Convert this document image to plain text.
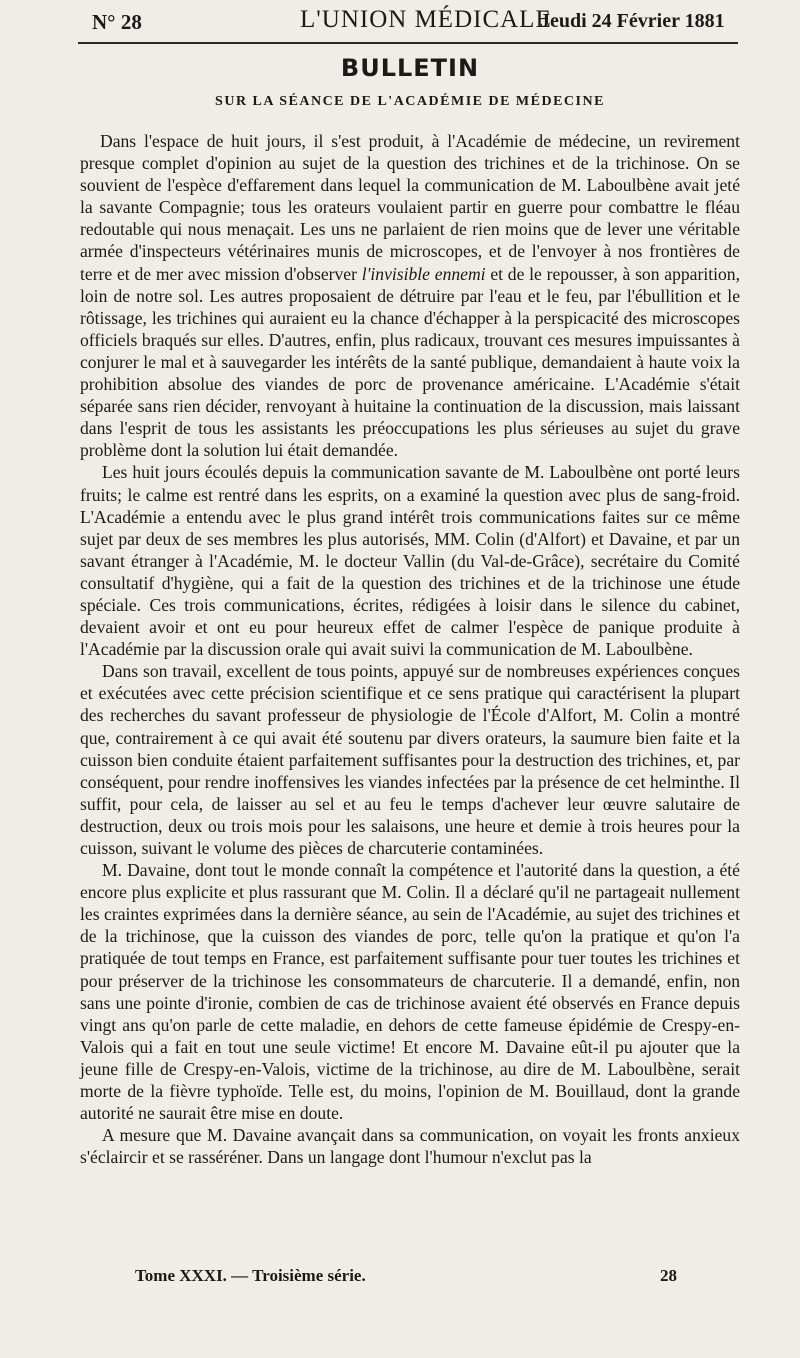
N° 28	L'UNION MÉDICALE
Jeudi 24 Février 1881
BULLETIN
SUR LA SÉANCE DE L'ACADÉMIE DE MÉDECINE

Dans l'espace de huit jours, il s'est produit, à l'Académie de médecine, un revirement presque complet d'opinion au sujet de la question des trichines et de la trichinose. On se souvient de l'espèce d'effarement dans lequel la communication de M. Laboulbène avait jeté la savante Compagnie; tous les orateurs voulaient partir en guerre pour combattre le fléau redoutable qui nous menaçait. Les uns ne parlaient de rien moins que de lever une véritable armée d'inspecteurs vétérinaires munis de microscopes, et de l'envoyer à nos frontières de terre et de mer avec mission d'observer l'invisible ennemi et de le repousser, à son apparition, loin de notre sol. Les autres proposaient de détruire par l'eau et le feu, par l'ébullition et le rôtissage, les trichines qui auraient eu la chance d'échapper à la perspicacité des microscopes officiels braqués sur elles. D'autres, enfin, plus radicaux, trouvant ces mesures impuissantes à conjurer le mal et à sauvegarder les intérêts de la santé publique, demandaient à haute voix la prohibition absolue des viandes de porc de provenance américaine. L'Académie s'était séparée sans rien décider, renvoyant à huitaine la continuation de la discussion, mais laissant dans l'esprit de tous les assistants les préoccupations les plus sérieuses au sujet du grave problème dont la solution lui était demandée.

Les huit jours écoulés depuis la communication savante de M. Laboulbène ont porté leurs fruits; le calme est rentré dans les esprits, on a examiné la question avec plus de sang-froid. L'Académie a entendu avec le plus grand intérêt trois communications faites sur ce même sujet par deux de ses membres les plus autorisés, MM. Colin (d'Alfort) et Davaine, et par un savant étranger à l'Académie, M. le docteur Vallin (du Val-de-Grâce), secrétaire du Comité consultatif d'hygiène, qui a fait de la question des trichines et de la trichinose une étude spéciale. Ces trois communications, écrites, rédigées à loisir dans le silence du cabinet, devaient avoir et ont eu pour heureux effet de calmer l'espèce de panique produite à l'Académie par la discussion orale qui avait suivi la communication de M. Laboulbène.

Dans son travail, excellent de tous points, appuyé sur de nombreuses expériences conçues et exécutées avec cette précision scientifique et ce sens pratique qui caractérisent la plupart des recherches du savant professeur de physiologie de l'École d'Alfort, M. Colin a montré que, contrairement à ce qui avait été soutenu par divers orateurs, la saumure bien faite et la cuisson bien conduite étaient parfaitement suffisantes pour la destruction des trichines, et, par conséquent, pour rendre inoffensives les viandes infectées par la présence de cet helminthe. Il suffit, pour cela, de laisser au sel et au feu le temps d'achever leur œuvre salutaire de destruction, deux ou trois mois pour les salaisons, une heure et demie à trois heures pour la cuisson, suivant le volume des pièces de charcuterie contaminées.

M. Davaine, dont tout le monde connaît la compétence et l'autorité dans la question, a été encore plus explicite et plus rassurant que M. Colin. Il a déclaré qu'il ne partageait nullement les craintes exprimées dans la dernière séance, au sein de l'Académie, au sujet des trichines et de la trichinose, que la cuisson des viandes de porc, telle qu'on la pratique et qu'on l'a pratiquée de tout temps en France, est parfaitement suffisante pour tuer toutes les trichines et pour préserver de la trichinose les consommateurs de charcuterie. Il a demandé, enfin, non sans une pointe d'ironie, combien de cas de trichinose avaient été observés en France depuis vingt ans qu'on parle de cette maladie, en dehors de cette fameuse épidémie de Crespy-en-Valois qui a fait en tout une seule victime! Et encore M. Davaine eût-il pu ajouter que la jeune fille de Crespy-en-Valois, victime de la trichinose, au dire de M. Laboulbène, serait morte de la fièvre typhoïde. Telle est, du moins, l'opinion de M. Bouillaud, dont la grande autorité ne saurait être mise en doute.

A mesure que M. Davaine avançait dans sa communication, on voyait les fronts anxieux s'éclaircir et se rasséréner. Dans un langage dont l'humour n'exclut pas la

Tome XXXI. — Troisième série.	28
